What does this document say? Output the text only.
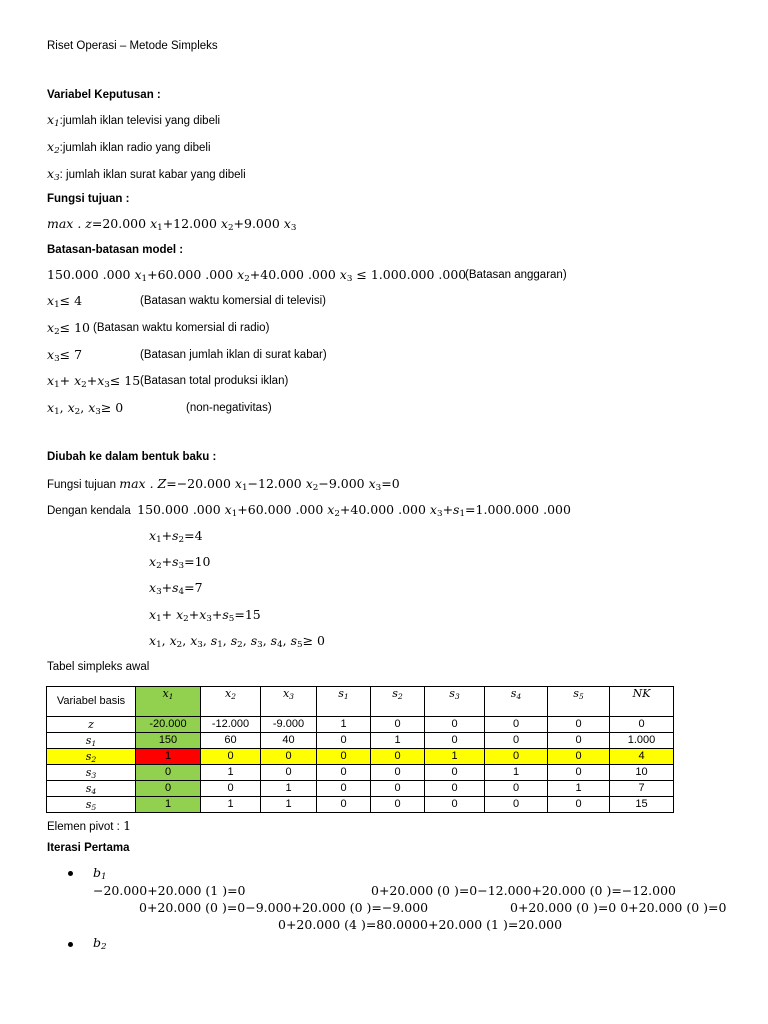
Riset Operasi – Metode Simpleks
Variabel Keputusan :
$x_1:jumlah$ iklan televisi yang dibeli
$x_2:jumlah$ iklan radio yang dibeli
$x_3$: jumlah iklan surat kabar yang dibeli
Fungsi tujuan :
max . z=20.000 $x_1+12.000$ $x_2+9.000$ $x_3$
Batasan-batasan model :
150.000 .000 $x_1+60.000$ .000 $x_2+40.000$ .000 $x_3 \le 1.000.000$ .000
(Batasan anggaran)
$x_1\le 4$	(Batasan waktu komersial di televisi)
$x_2\le 10$ (Batasan waktu komersial di radio)
$x_3\le 7$	(Batasan jumlah iklan di surat kabar)
$x_1+ x_2+x_3\le 15$ (Batasan total produksi iklan)
$x_1$, $x_2$, $x_3\ge 0$	(non-negativitas)
Diubah ke dalam bentuk baku :
Fungsi tujuan max . Z=−20.000 $x_1-12.000$ $x_2-9.000$ $x_3=0$
Dengan kendala 150.000 .000 $x_1+60.000$ .000 $x_2+40.000$ .000 $x_3+s_1=1.000.000$ .000
$x_1+s_2=4$
$x_2+s_3=10$
$x_3+s_4=7$
$x_1+ x_2+x_3+s_5=15$
$x_1$, $x_2$, $x_3$, $s_1$, $s_2$, $s_3$, $s_4$, $s_5\ge 0$
Tabel simpleks awal
Variabel basis	$x_1$	$x_2$	$x_3$	$s_1$	$s_2$	$s_3$	$s_4$	$s_5$	NK
z	-20.000	-12.000	-9.000	1	0	0	0	0	0
$s_1$	150	60	40	0	1	0	0	0	1.000
$s_2$	1	0	0	0	0	1	0	0	4
$s_3$	0	1	0	0	0	0	1	0	10
$s_4$	0	0	1	0	0	0	0	1	7
$s_5$	1	1	1	0	0	0	0	0	15
Elemen pivot : 1
Iterasi Pertama
$b_1$
−20.000+20.000 (1 )=0	0+20.000 (0 )=0−12.000+20.000 (0 )=−12.000
0+20.000 (0 )=0−9.000+20.000 (0 )=−9.000	0+20.000 (0 )=0 0+20.000 (0 )=0
0+20.000 (4 )=80.0000+20.000 (1 )=20.000
$b_2$
